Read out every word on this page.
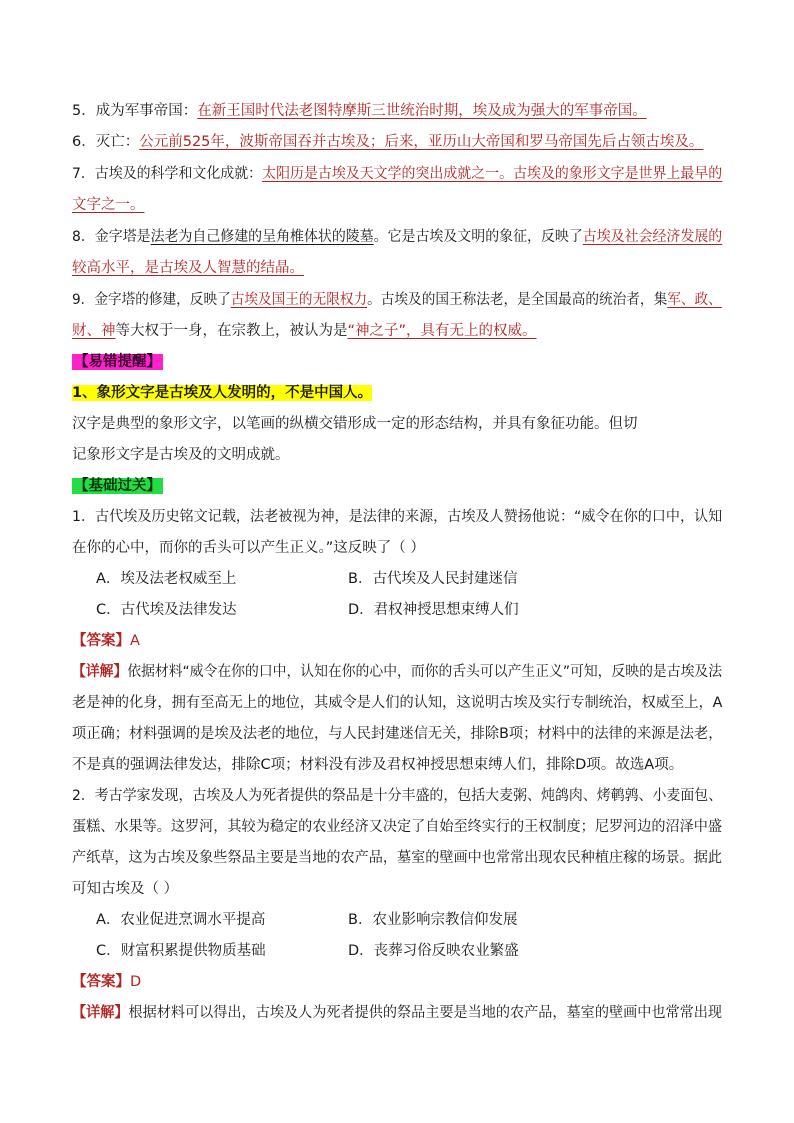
5．成为军事帝国：在新王国时代法老图特摩斯三世统治时期，埃及成为强大的军事帝国。
6．灭亡：公元前525年，波斯帝国吞并古埃及；后来，亚历山大帝国和罗马帝国先后占领古埃及。
7．古埃及的科学和文化成就：太阳历是古埃及天文学的突出成就之一。古埃及的象形文字是世界上最早的
文字之一。
8．金字塔是法老为自己修建的呈角椎体状的陵墓。它是古埃及文明的象征，反映了古埃及社会经济发展的
较高水平，是古埃及人智慧的结晶。
9．金字塔的修建，反映了古埃及国王的无限权力。古埃及的国王称法老，是全国最高的统治者，集军、政、
财、神等大权于一身，在宗教上，被认为是“神之子”，具有无上的权威。
【易错提醒】
1、象形文字是古埃及人发明的，不是中国人。
汉字是典型的象形文字，以笔画的纵横交错形成一定的形态结构，并具有象征功能。但切
记象形文字是古埃及的文明成就。
【基础过关】
1．古代埃及历史铭文记载，法老被视为神，是法律的来源，古埃及人赞扬他说：“威令在你的口中，认知
在你的心中，而你的舌头可以产生正义。”这反映了（ ）
A．埃及法老权威至上	B．古代埃及人民封建迷信
C．古代埃及法律发达	D．君权神授思想束缚人们
【答案】A
【详解】依据材料“威令在你的口中，认知在你的心中，而你的舌头可以产生正义”可知，反映的是古埃及法
老是神的化身，拥有至高无上的地位，其威令是人们的认知，这说明古埃及实行专制统治，权威至上，A
项正确；材料强调的是埃及法老的地位，与人民封建迷信无关，排除B项；材料中的法律的来源是法老，
不是真的强调法律发达，排除C项；材料没有涉及君权神授思想束缚人们，排除D项。故选A项。
2．考古学家发现，古埃及人为死者提供的祭品是十分丰盛的，包括大麦粥、炖鸽肉、烤鹌鹑、小麦面包、
蛋糕、水果等。这罗河，其较为稳定的农业经济又决定了自始至终实行的王权制度；尼罗河边的沼泽中盛
产纸草，这为古埃及象些祭品主要是当地的农产品，墓室的壁画中也常常出现农民种植庄稼的场景。据此
可知古埃及（ ）
A．农业促进烹调水平提高	B．农业影响宗教信仰发展
C．财富积累提供物质基础	D．丧葬习俗反映农业繁盛
【答案】D
【详解】根据材料可以得出，古埃及人为死者提供的祭品主要是当地的农产品，墓室的壁画中也常常出现
